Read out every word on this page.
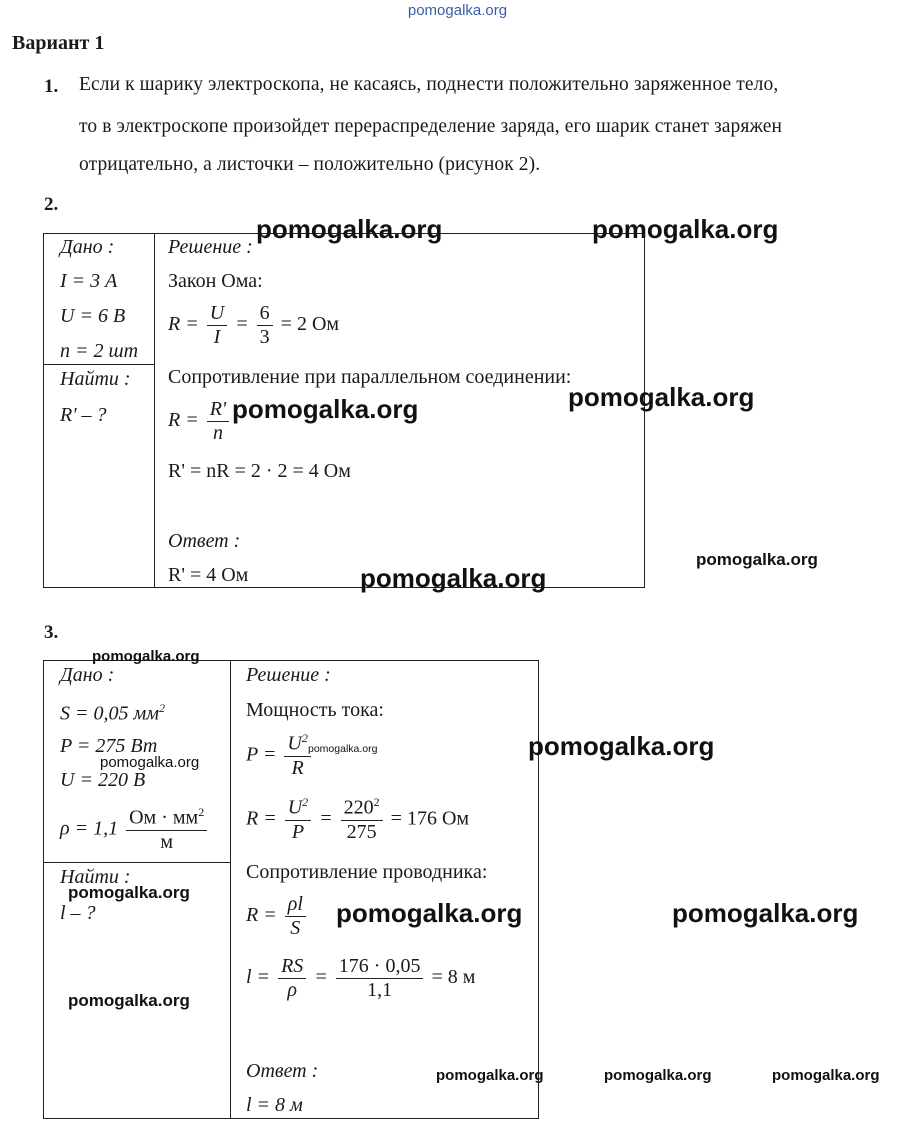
pomogalka.org
Вариант 1
1. Если к шарику электроскопа, не касаясь, поднести положительно заряженное тело,
то в электроскопе произойдет перераспределение заряда, его шарик станет заряжен
отрицательно, а листочки – положительно (рисунок 2).
2.
Дано :
I = 3 А
U = 6 В
n = 2 шт
Найти :
R' – ?
Решение :
Закон Ома:
$R = \frac{U}{I} = \frac{6}{3} = 2$ Ом
Сопротивление при параллельном соединении:
$R = \frac{R'}{n}$
R' = nR = 2 · 2 = 4 Ом
Ответ :
R' = 4 Ом
3.
Дано :
S = 0,05 $мм^2$
P = 275 Вт
U = 220 В
$\rho = 1,1 \frac{Ом \cdot мм^2}{м}$
Найти :
l – ?
Решение :
Мощность тока:
$P = \frac{U^2}{R}$
$R = \frac{U^2}{P} = \frac{220^2}{275} = 176$ Ом
Сопротивление проводника:
$R = \frac{\rho l}{S}$
$l = \frac{RS}{\rho} = \frac{176 \cdot 0,05}{1,1} = 8$ м
Ответ :
l = 8 м
pomogalka.org	pomogalka.org
pomogalka.org	pomogalka.org
pomogalka.org
pomogalka.org
pomogalka.org
pomogalka.org
pomogalka.org
pomogalka.org
pomogalka.org
pomogalka.org	pomogalka.org
pomogalka.org
pomogalka.org	pomogalka.org	pomogalka.org
